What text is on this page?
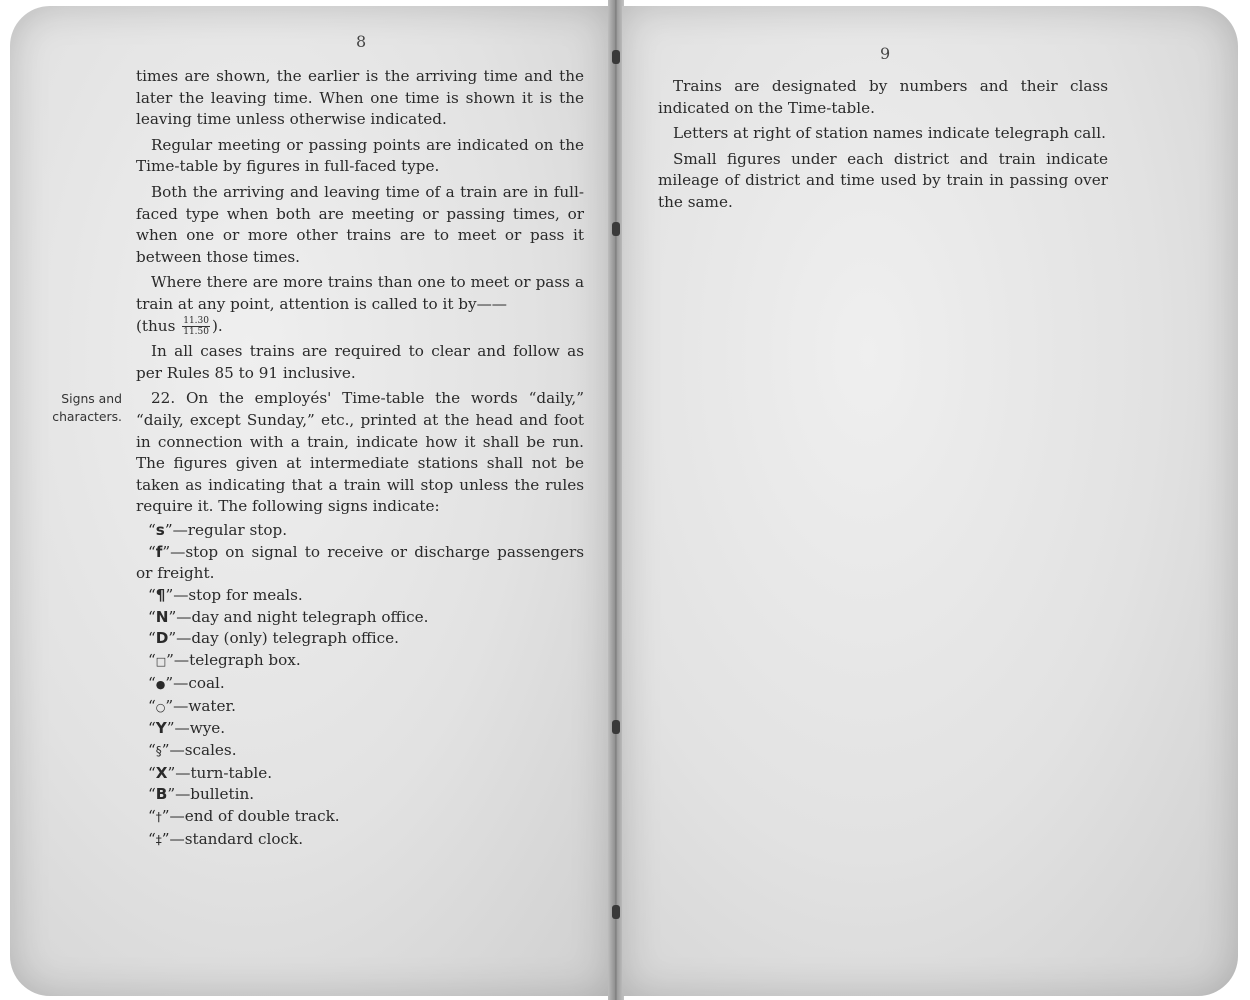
8
Signs and characters.

times are shown, the earlier is the arriving time and the later the leaving time. When one time is shown it is the leaving time unless otherwise indicated.

Regular meeting or passing points are indicated on the Time-table by figures in full-faced type.

Both the arriving and leaving time of a train are in full-faced type when both are meeting or passing times, or when one or more other trains are to meet or pass it between those times.

Where there are more trains than one to meet or pass a train at any point, attention is called to it by——

(thus $\frac{11.30}{11.50}$ ).

In all cases trains are required to clear and follow as per Rules 85 to 91 inclusive.

22. On the employés' Time-table the words “daily,” “daily, except Sunday,” etc., printed at the head and foot in connection with a train, indicate how it shall be run. The figures given at intermediate stations shall not be taken as indicating that a train will stop unless the rules require it. The following signs indicate:

“s”—regular stop.
“f”—stop on signal to receive or discharge passengers or freight.
“¶”—stop for meals.
“N”—day and night telegraph office.
“D”—day (only) telegraph office.
“□”—telegraph box.
“●”—coal.
“○”—water.
“Y”—wye.
“§”—scales.
“X”—turn-table.
“B”—bulletin.
“†”—end of double track.
“‡”—standard clock.
9

Trains are designated by numbers and their class indicated on the Time-table.

Letters at right of station names indicate telegraph call.

Small figures under each district and train indicate mileage of district and time used by train in passing over the same.
